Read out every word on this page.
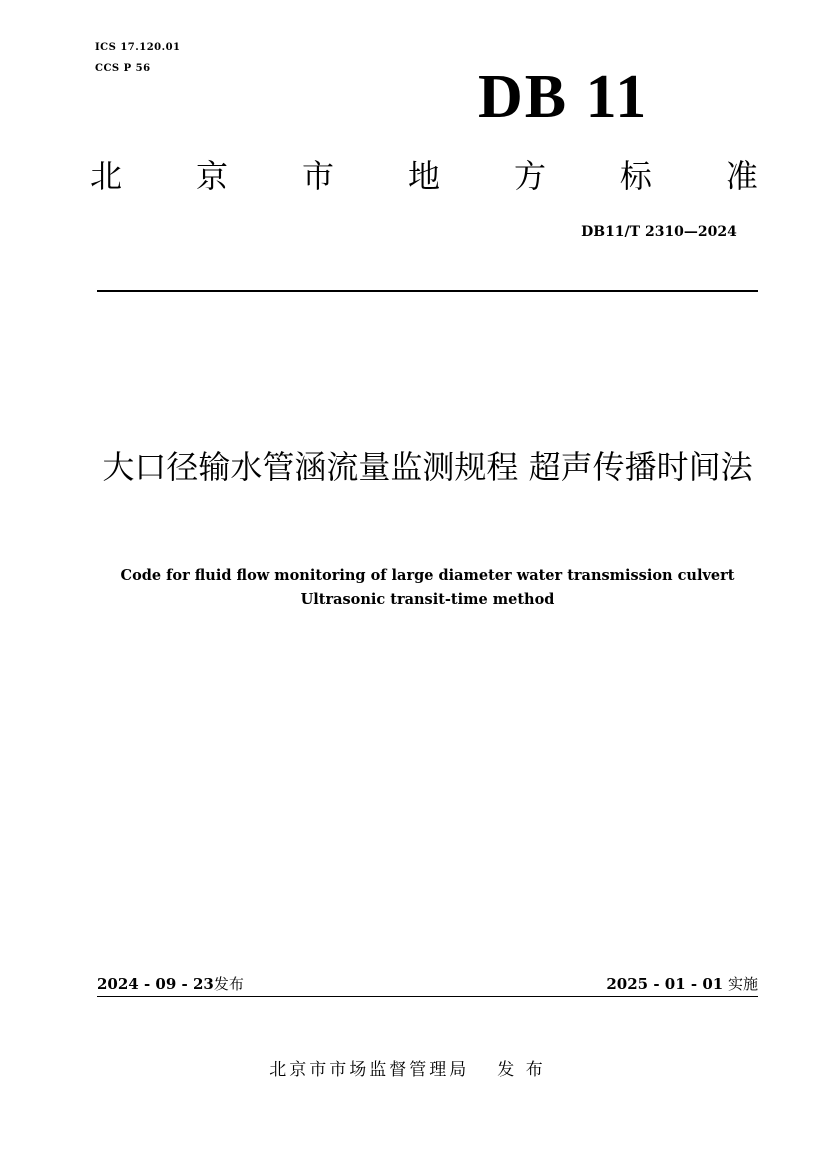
ICS 17.120.01
CCS P 56	DB 11
北 京 市 地 方 标 准
DB11/T 2310—2024
大口径输水管涵流量监测规程 超声传播时间法
Code for fluid flow monitoring of large diameter water transmission culvert Ultrasonic transit-time method
2024 - 09 - 23发布	2025 - 01 - 01 实施
北京市市场监督管理局 发 布
